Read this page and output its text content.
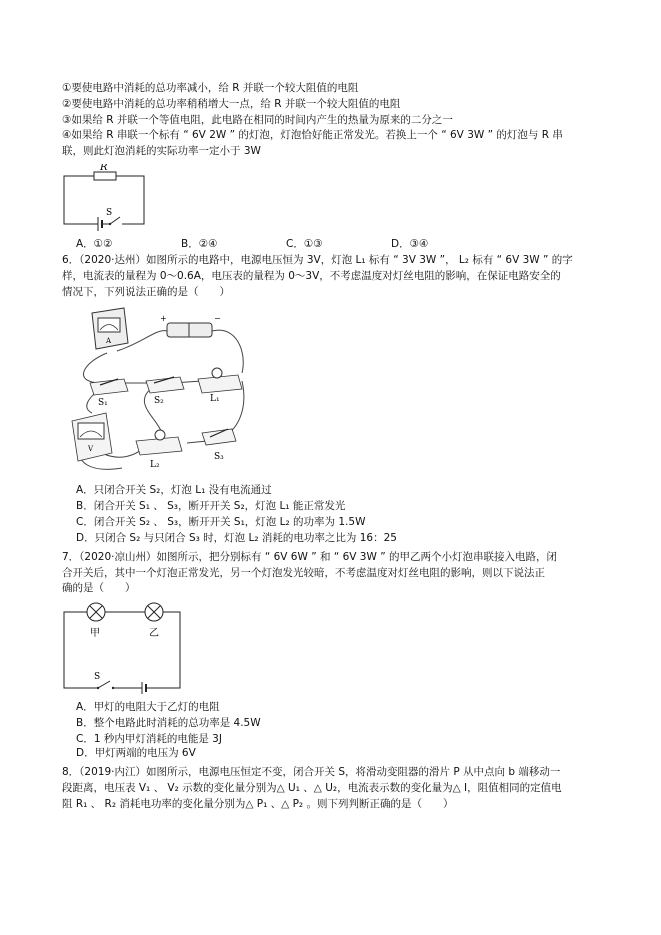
①要使电路中消耗的总功率减小，给 R 并联一个较大阻值的电阻
②要使电路中消耗的总功率稍稍增大一点，给 R 并联一个较大阻值的电阻
③如果给 R 并联一个等值电阻，此电路在相同的时间内产生的热量为原来的二分之一
④如果给 R 串联一个标有 “ 6V 2W ” 的灯泡，灯泡恰好能正常发光。若换上一个 “ 6V 3W ” 的灯泡与 R 串
联，则此灯泡消耗的实际功率一定小于 3W
R
S
A．①②	B．②④	C．①③	D．③④
6．（2020·达州）如图所示的电路中，电源电压恒为 3V，灯泡 L₁ 标有 “ 3V 3W ”， L₂ 标有 “ 6V 3W ” 的字
样，电流表的量程为 0～0.6A，电压表的量程为 0～3V，不考虑温度对灯丝电阻的影响，在保证电路安全的
情况下，下列说法正确的是（　　）
A
+	−
V
S₁	S₂	L₁
L₂
S₃
A．只闭合开关 S₂，灯泡 L₁ 没有电流通过
B．闭合开关 S₁ 、 S₃，断开开关 S₂，灯泡 L₁ 能正常发光
C．闭合开关 S₂ 、 S₃，断开开关 S₁，灯泡 L₂ 的功率为 1.5W
D．只闭合 S₂ 与只闭合 S₃ 时，灯泡 L₂ 消耗的电功率之比为 16：25
7．（2020·凉山州）如图所示，把分别标有 “ 6V 6W ” 和 “ 6V 3W ” 的甲乙两个小灯泡串联接入电路，闭
合开关后，其中一个灯泡正常发光，另一个灯泡发光较暗，不考虑温度对灯丝电阻的影响，则以下说法正
确的是（　　）
甲	乙
S
A．甲灯的电阻大于乙灯的电阻
B．整个电路此时消耗的总功率是 4.5W
C．1 秒内甲灯消耗的电能是 3J
D．甲灯两端的电压为 6V
8．（2019·内江）如图所示，电源电压恒定不变，闭合开关 S，将滑动变阻器的滑片 P 从中点向 b 端移动一
段距离，电压表 V₁ 、 V₂ 示数的变化量分别为△ U₁ 、△ U₂，电流表示数的变化量为△ I，阻值相同的定值电
阻 R₁ 、 R₂ 消耗电功率的变化量分别为△ P₁ 、△ P₂ 。则下列判断正确的是（　　）
